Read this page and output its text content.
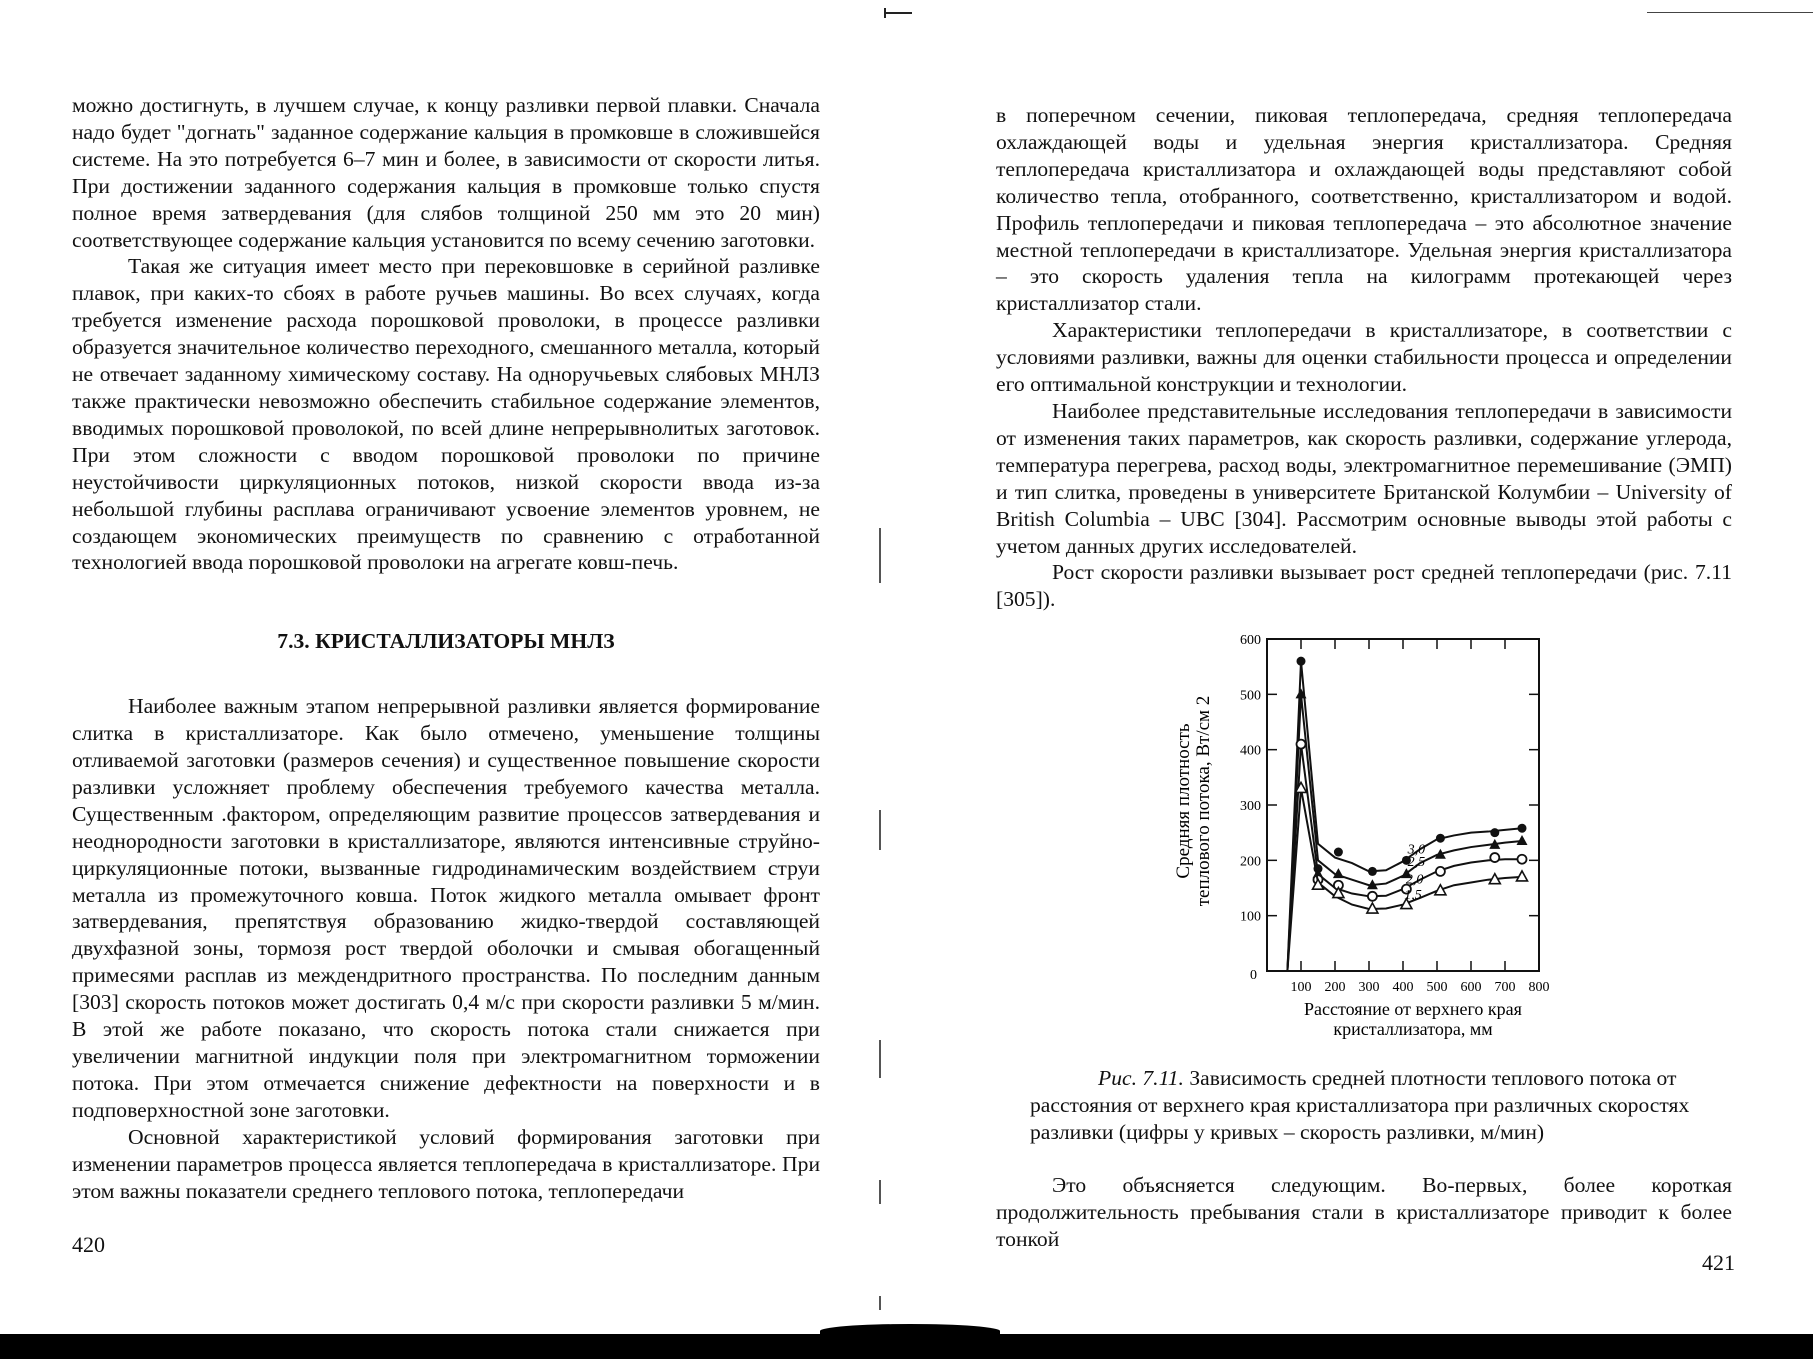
можно достигнуть, в лучшем случае, к концу разливки первой плавки. Сначала надо будет "догнать" заданное содержание кальция в промковше в сложившейся системе. На это потребуется 6–7 мин и более, в зависимости от скорости литья. При достижении заданного содержания кальция в промковше только спустя полное время затвердевания (для слябов толщиной 250 мм это 20 мин) соответствующее содержание кальция установится по всему сечению заготовки.

Такая же ситуация имеет место при перековшовке в серийной разливке плавок, при каких-то сбоях в работе ручьев машины. Во всех случаях, когда требуется изменение расхода порошковой проволоки, в процессе разливки образуется значительное количество переходного, смешанного металла, который не отвечает заданному химическому составу. На одноручьевых слябовых МНЛЗ также практически невозможно обеспечить стабильное содержание элементов, вводимых порошковой проволокой, по всей длине непрерывнолитых заготовок. При этом сложности с вводом порошковой проволоки по причине неустойчивости циркуляционных потоков, низкой скорости ввода из-за небольшой глубины расплава ограничивают усвоение элементов уровнем, не создающем экономических преимуществ по сравнению с отработанной технологией ввода порошковой проволоки на агрегате ковш-печь.

7.3. КРИСТАЛЛИЗАТОРЫ МНЛЗ

Наиболее важным этапом непрерывной разливки является формирование слитка в кристаллизаторе. Как было отмечено, уменьшение толщины отливаемой заготовки (размеров сечения) и существенное повышение скорости разливки усложняет проблему обеспечения требуемого качества металла. Существенным .фактором, определяющим развитие процессов затвердевания и неоднородности заготовки в кристаллизаторе, являются интенсивные струйно-циркуляционные потоки, вызванные гидродинамическим воздействием струи металла из промежуточного ковша. Поток жидкого металла омывает фронт затвердевания, препятствуя образованию жидко-твердой составляющей двухфазной зоны, тормозя рост твердой оболочки и смывая обогащенный примесями расплав из междендритного пространства. По последним данным [303] скорость потоков может достигать 0,4 м/с при скорости разливки 5 м/мин. В этой же работе показано, что скорость потока стали снижается при увеличении магнитной индукции поля при электромагнитном торможении потока. При этом отмечается снижение дефектности на поверхности и в подповерхностной зоне заготовки.

Основной характеристикой условий формирования заготовки при изменении параметров процесса является теплопередача в кристаллизаторе. При этом важны показатели среднего теплового потока, теплопередачи

420

в поперечном сечении, пиковая теплопередача, средняя теплопередача охлаждающей воды и удельная энергия кристаллизатора. Средняя теплопередача кристаллизатора и охлаждающей воды представляют собой количество тепла, отобранного, соответственно, кристаллизатором и водой. Профиль теплопередачи и пиковая теплопередача – это абсолютное значение местной теплопередачи в кристаллизаторе. Удельная энергия кристаллизатора – это скорость удаления тепла на килограмм протекающей через кристаллизатор стали.

Характеристики теплопередачи в кристаллизаторе, в соответствии с условиями разливки, важны для оценки стабильности процесса и определении его оптимальной конструкции и технологии.

Наиболее представительные исследования теплопередачи в зависимости от изменения таких параметров, как скорость разливки, содержание углерода, температура перегрева, расход воды, электромагнитное перемешивание (ЭМП) и тип слитка, проведены в университете Британской Колумбии – University of British Columbia – UBC [304]. Рассмотрим основные выводы этой работы с учетом данных других исследователей.

Рост скорости разливки вызывает рост средней теплопередачи (рис. 7.11 [305]).

100 200 300 400 500 600 700 800
100
200
300
400
500
600
0
3,0
2,5
2,0
1,5
Средняя плотность теплового потока, Вт/см 2
Расстояние от верхнего края
кристаллизатора, мм

Рис. 7.11. Зависимость средней плотности теплового потока от расстояния от верхнего края кристаллизатора при различных скоростях разливки (цифры у кривых – скорость разливки, м/мин)

Это объясняется следующим. Во-первых, более короткая продолжительность пребывания стали в кристаллизаторе приводит к более тонкой

421
